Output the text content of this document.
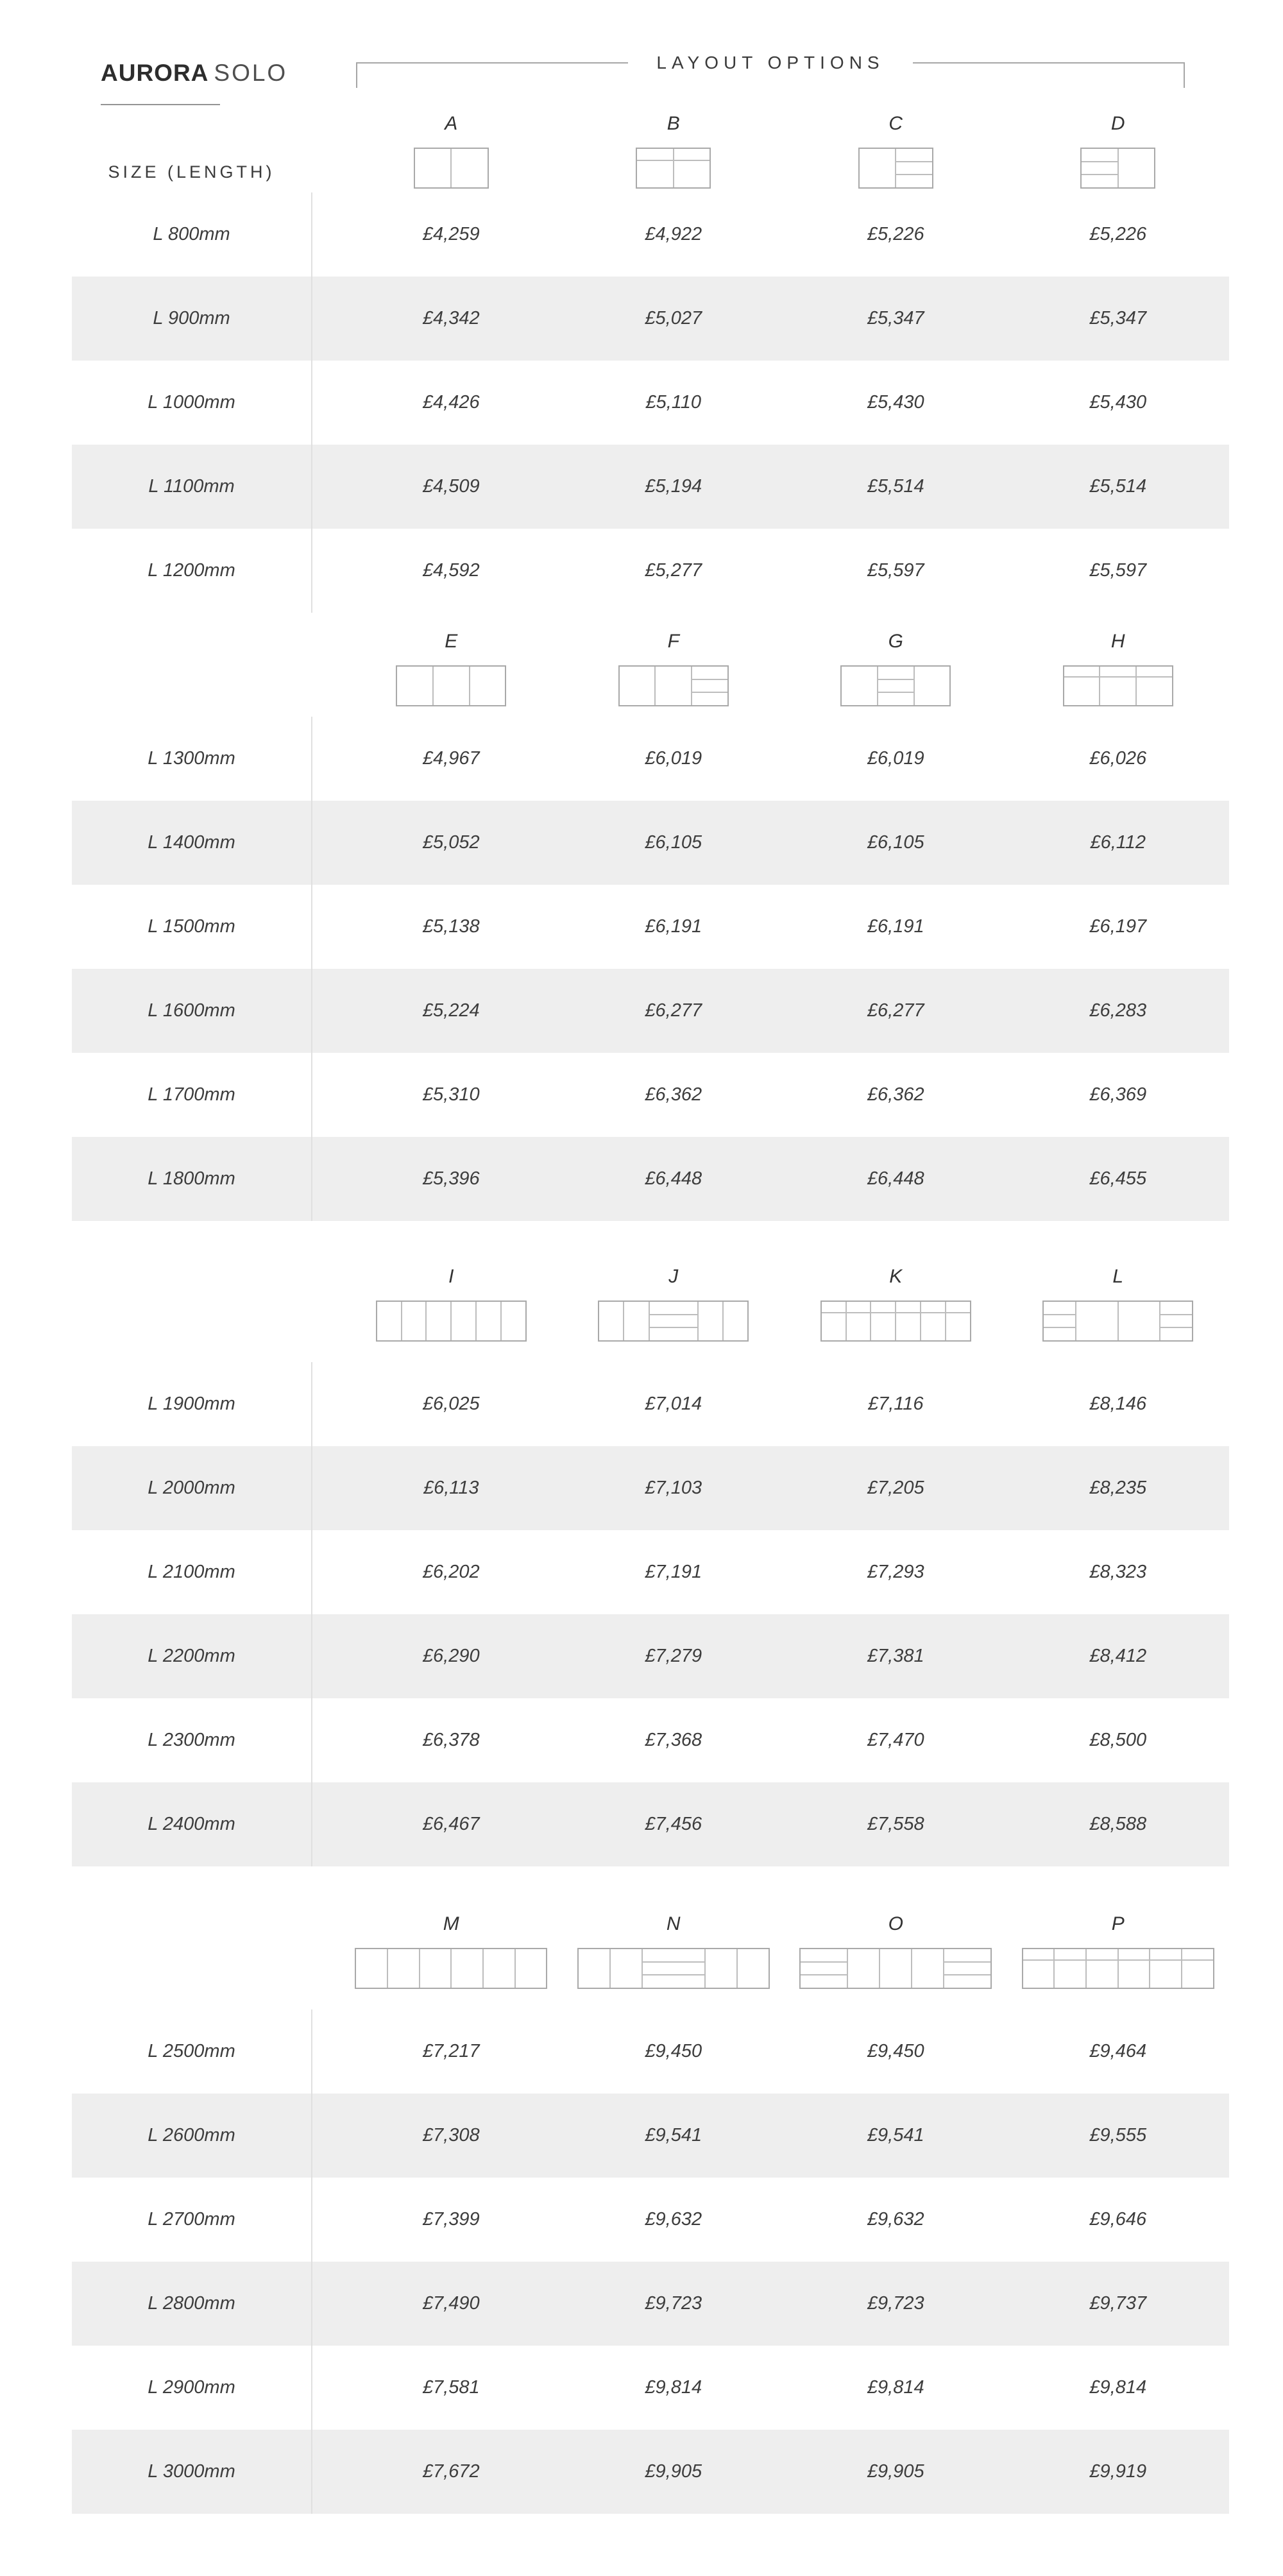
AURORA SOLO	LAYOUT OPTIONS
SIZE (LENGTH)
A	B	C	D
L 800mm	£4,259	£4,922	£5,226	£5,226
L 900mm	£4,342	£5,027	£5,347	£5,347
L 1000mm	£4,426	£5,110	£5,430	£5,430
L 1100mm	£4,509	£5,194	£5,514	£5,514
L 1200mm	£4,592	£5,277	£5,597	£5,597
E	F	G	H
L 1300mm	£4,967	£6,019	£6,019	£6,026
L 1400mm	£5,052	£6,105	£6,105	£6,112
L 1500mm	£5,138	£6,191	£6,191	£6,197
L 1600mm	£5,224	£6,277	£6,277	£6,283
L 1700mm	£5,310	£6,362	£6,362	£6,369
L 1800mm	£5,396	£6,448	£6,448	£6,455
I	J	K	L
L 1900mm	£6,025	£7,014	£7,116	£8,146
L 2000mm	£6,113	£7,103	£7,205	£8,235
L 2100mm	£6,202	£7,191	£7,293	£8,323
L 2200mm	£6,290	£7,279	£7,381	£8,412
L 2300mm	£6,378	£7,368	£7,470	£8,500
L 2400mm	£6,467	£7,456	£7,558	£8,588
M	N	O	P
L 2500mm	£7,217	£9,450	£9,450	£9,464
L 2600mm	£7,308	£9,541	£9,541	£9,555
L 2700mm	£7,399	£9,632	£9,632	£9,646
L 2800mm	£7,490	£9,723	£9,723	£9,737
L 2900mm	£7,581	£9,814	£9,814	£9,814
L 3000mm	£7,672	£9,905	£9,905	£9,919
